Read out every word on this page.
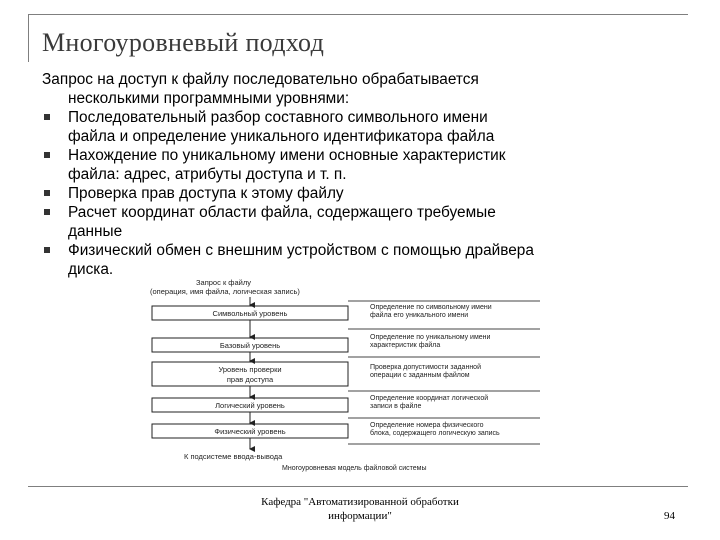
Многоуровневый подход
Запрос на доступ к файлу последовательно обрабатывается
несколькими программными уровнями:
Последовательный разбор составного символьного имени
файла и определение уникального идентификатора файла
Нахождение по уникальному имени основные характеристик
файла: адрес, атрибуты доступа и т. п.
Проверка прав доступа к этому файлу
Расчет координат области файла, содержащего требуемые
данные
Физический обмен с внешним устройством с помощью драйвера
диска.
Запрос к файлу
(операция, имя файла, логическая запись)
Символьный уровень
Базовый уровень
Уровень проверки
прав доступа
Логический уровень
Физический уровень
Определение по символьному имени
файла его уникального имени
Определение по уникальному имени
характеристик файла
Проверка допустимости заданной
операции с заданным файлом
Определение координат логической
записи в файле
Определение номера физического
блока, содержащего логическую запись
К подсистеме ввода-вывода
Многоуровневая модель файловой системы
Кафедра "Автоматизированной обработки
информации"	94
